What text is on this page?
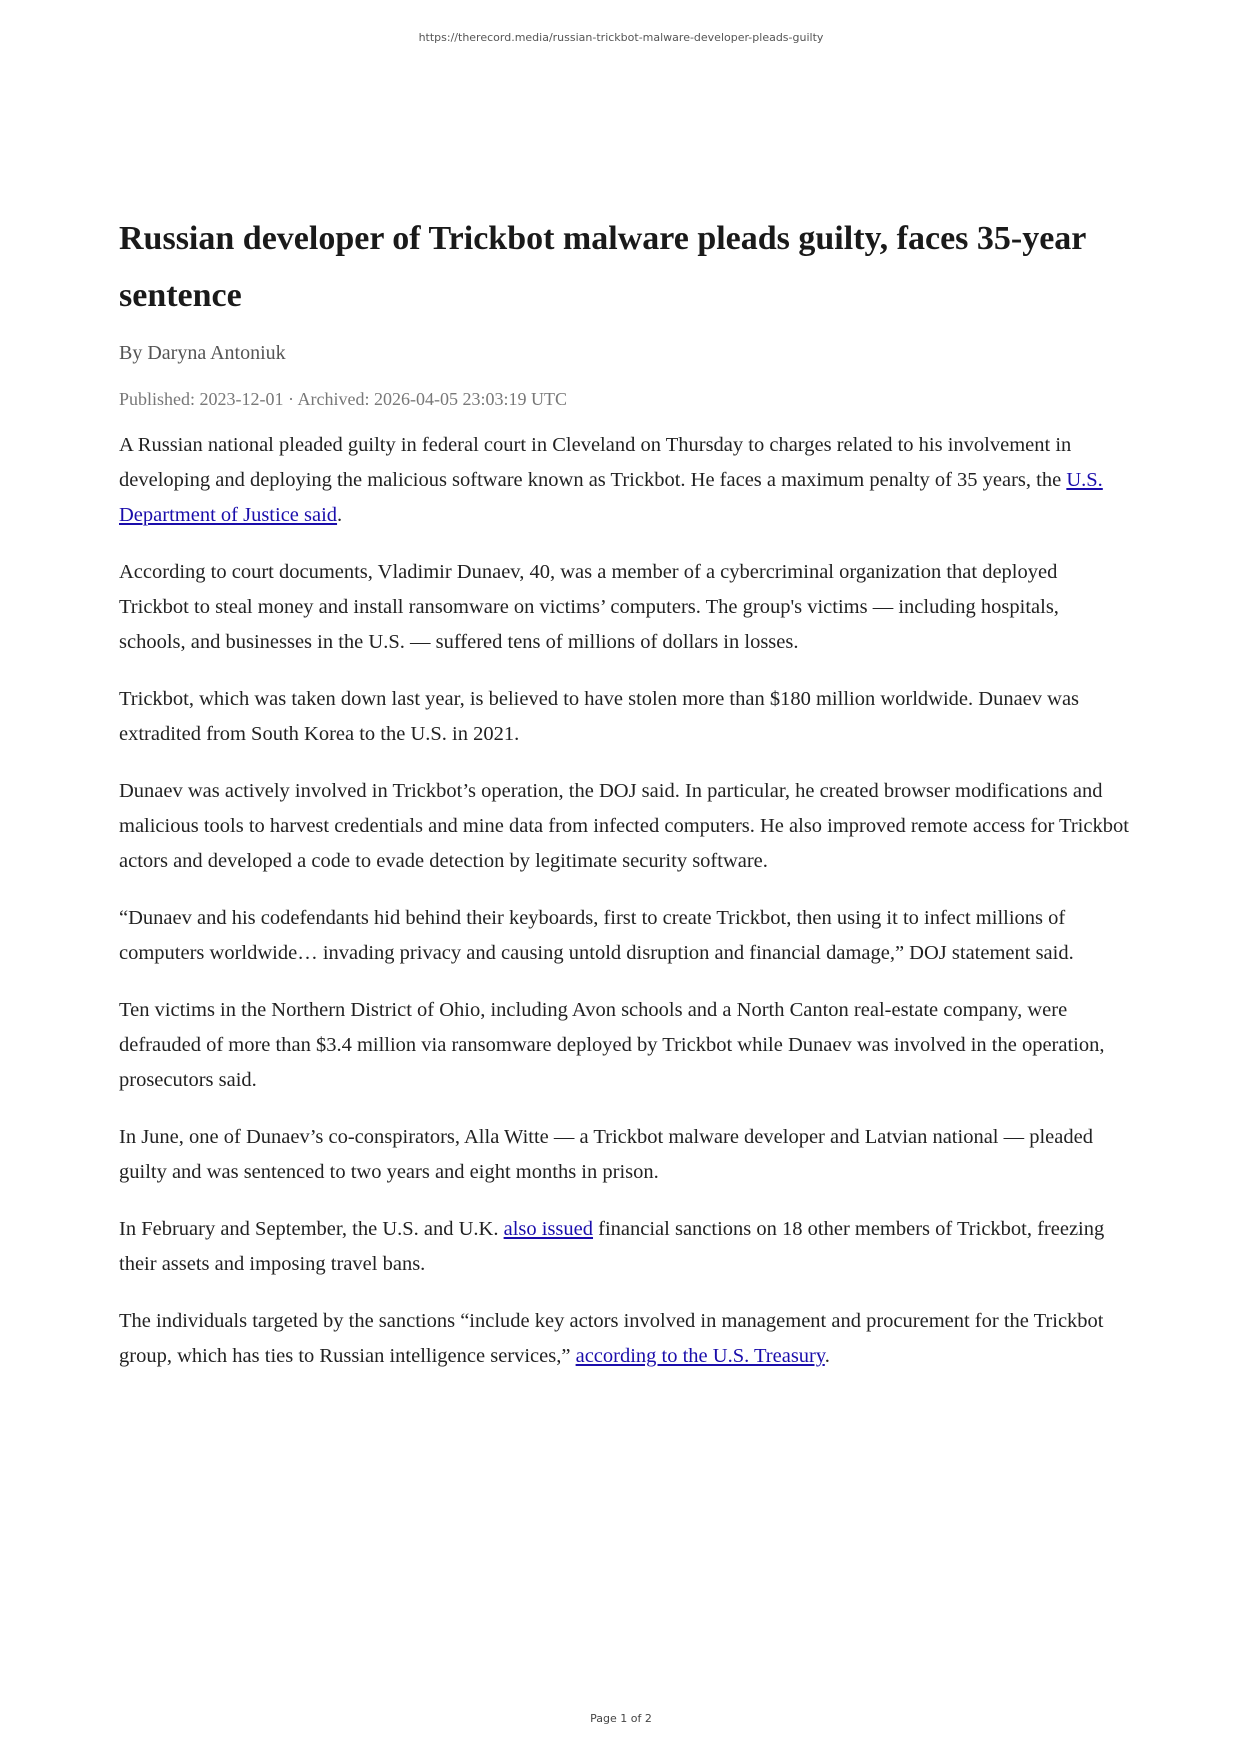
https://therecord.media/russian-trickbot-malware-developer-pleads-guilty
Russian developer of Trickbot malware pleads guilty, faces 35-year sentence
By Daryna Antoniuk
Published: 2023-12-01 · Archived: 2026-04-05 23:03:19 UTC

A Russian national pleaded guilty in federal court in Cleveland on Thursday to charges related to his involvement in developing and deploying the malicious software known as Trickbot. He faces a maximum penalty of 35 years, the U.S. Department of Justice said.

According to court documents, Vladimir Dunaev, 40, was a member of a cybercriminal organization that deployed Trickbot to steal money and install ransomware on victims’ computers. The group's victims — including hospitals, schools, and businesses in the U.S. — suffered tens of millions of dollars in losses.

Trickbot, which was taken down last year, is believed to have stolen more than $180 million worldwide. Dunaev was extradited from South Korea to the U.S. in 2021.

Dunaev was actively involved in Trickbot’s operation, the DOJ said. In particular, he created browser modifications and malicious tools to harvest credentials and mine data from infected computers. He also improved remote access for Trickbot actors and developed a code to evade detection by legitimate security software.

“Dunaev and his codefendants hid behind their keyboards, first to create Trickbot, then using it to infect millions of computers worldwide… invading privacy and causing untold disruption and financial damage,” DOJ statement said.

Ten victims in the Northern District of Ohio, including Avon schools and a North Canton real-estate company, were defrauded of more than $3.4 million via ransomware deployed by Trickbot while Dunaev was involved in the operation, prosecutors said.

In June, one of Dunaev’s co-conspirators, Alla Witte — a Trickbot malware developer and Latvian national — pleaded guilty and was sentenced to two years and eight months in prison.

In February and September, the U.S. and U.K. also issued financial sanctions on 18 other members of Trickbot, freezing their assets and imposing travel bans.

The individuals targeted by the sanctions “include key actors involved in management and procurement for the Trickbot group, which has ties to Russian intelligence services,” according to the U.S. Treasury.

Page 1 of 2
